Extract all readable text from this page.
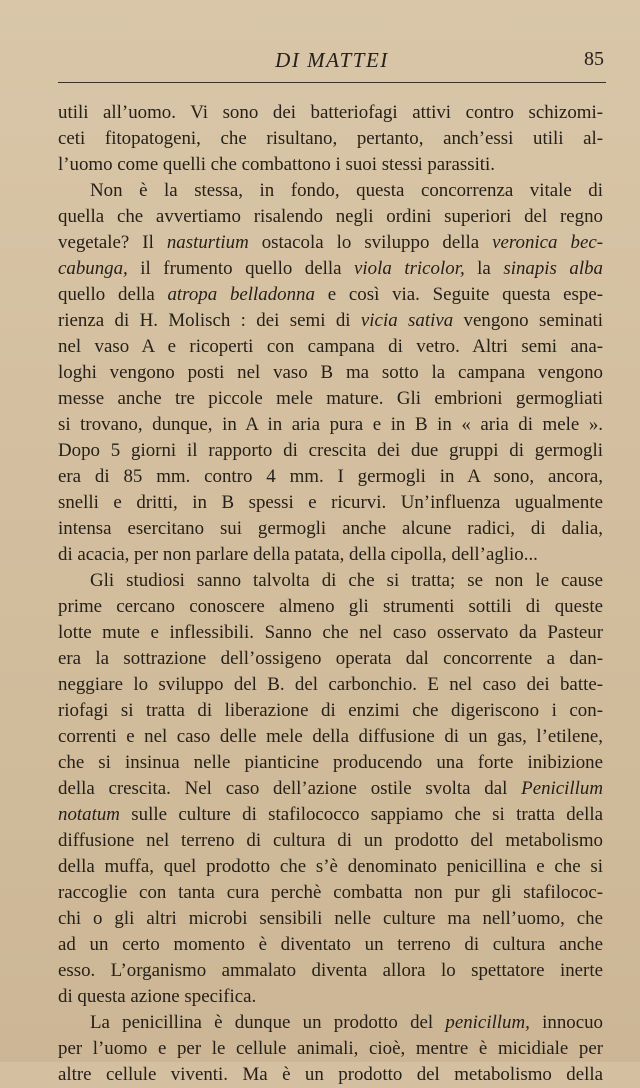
DI MATTEI	85
utili all’uomo. Vi sono dei batteriofagi attivi contro schizomi-
ceti fitopatogeni, che risultano, pertanto, anch’essi utili al-
l’uomo come quelli che combattono i suoi stessi parassiti.
Non è la stessa, in fondo, questa concorrenza vitale di
quella che avvertiamo risalendo negli ordini superiori del regno
vegetale? Il nasturtium ostacola lo sviluppo della veronica bec-
cabunga, il frumento quello della viola tricolor, la sinapis alba
quello della atropa belladonna e così via. Seguite questa espe-
rienza di H. Molisch : dei semi di vicia sativa vengono seminati
nel vaso A e ricoperti con campana di vetro. Altri semi ana-
loghi vengono posti nel vaso B ma sotto la campana vengono
messe anche tre piccole mele mature. Gli embrioni germogliati
si trovano, dunque, in A in aria pura e in B in « aria di mele ».
Dopo 5 giorni il rapporto di crescita dei due gruppi di germogli
era di 85 mm. contro 4 mm. I germogli in A sono, ancora,
snelli e dritti, in B spessi e ricurvi. Un’influenza ugualmente
intensa esercitano sui germogli anche alcune radici, di dalia,
di acacia, per non parlare della patata, della cipolla, dell’aglio...
Gli studiosi sanno talvolta di che si tratta; se non le cause
prime cercano conoscere almeno gli strumenti sottili di queste
lotte mute e inflessibili. Sanno che nel caso osservato da Pasteur
era la sottrazione dell’ossigeno operata dal concorrente a dan-
neggiare lo sviluppo del B. del carbonchio. E nel caso dei batte-
riofagi si tratta di liberazione di enzimi che digeriscono i con-
correnti e nel caso delle mele della diffusione di un gas, l’etilene,
che si insinua nelle pianticine producendo una forte inibizione
della crescita. Nel caso dell’azione ostile svolta dal Penicillum
notatum sulle culture di stafilococco sappiamo che si tratta della
diffusione nel terreno di cultura di un prodotto del metabolismo
della muffa, quel prodotto che s’è denominato penicillina e che si
raccoglie con tanta cura perchè combatta non pur gli stafilococ-
chi o gli altri microbi sensibili nelle culture ma nell’uomo, che
ad un certo momento è diventato un terreno di cultura anche
esso. L’organismo ammalato diventa allora lo spettatore inerte
di questa azione specifica.
La penicillina è dunque un prodotto del penicillum, innocuo
per l’uomo e per le cellule animali, cioè, mentre è micidiale per
altre cellule viventi. Ma è un prodotto del metabolismo della
